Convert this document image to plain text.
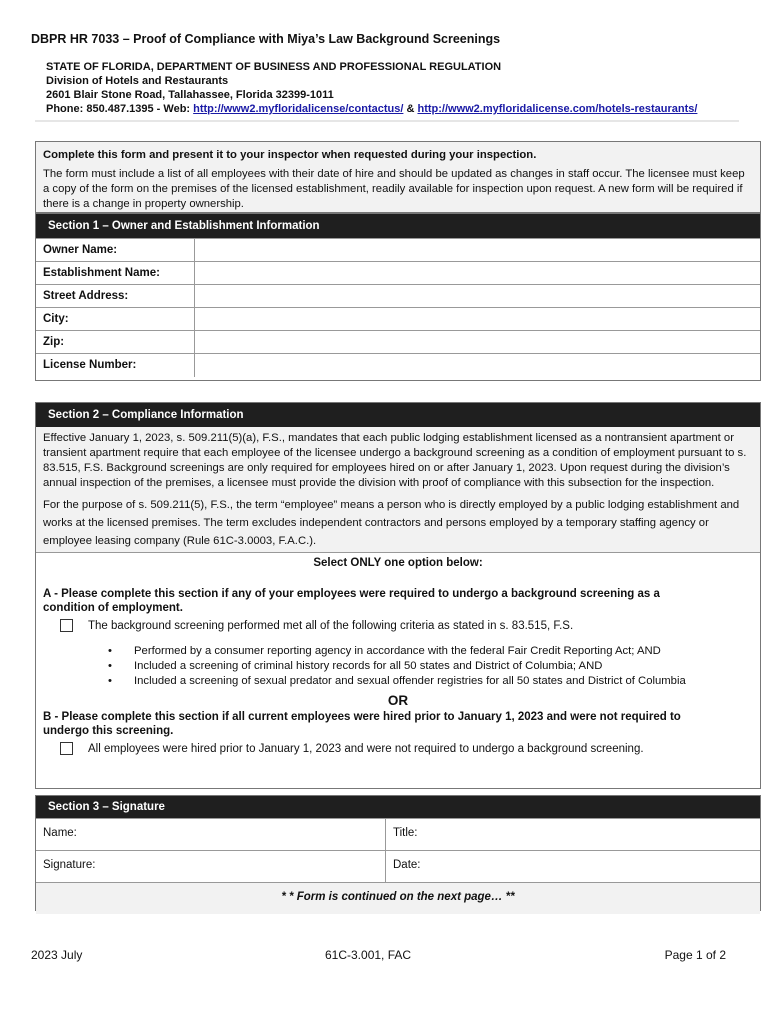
DBPR HR 7033 – Proof of Compliance with Miya’s Law Background Screenings
STATE OF FLORIDA, DEPARTMENT OF BUSINESS AND PROFESSIONAL REGULATION
Division of Hotels and Restaurants
2601 Blair Stone Road, Tallahassee, Florida 32399-1011
Phone: 850.487.1395 - Web: http://www2.myfloridalicense/contactus/ & http://www2.myfloridalicense.com/hotels-restaurants/
Complete this form and present it to your inspector when requested during your inspection.
The form must include a list of all employees with their date of hire and should be updated as changes in staff occur. The licensee must keep a copy of the form on the premises of the licensed establishment, readily available for inspection upon request. A new form will be required if there is a change in property ownership.
Section 1 – Owner and Establishment Information
Owner Name:	
Establishment Name:	
Street Address:	
City:	
Zip:	
License Number:	
Section 2 – Compliance Information

Effective January 1, 2023, s. 509.211(5)(a), F.S., mandates that each public lodging establishment licensed as a nontransient apartment or transient apartment require that each employee of the licensee undergo a background screening as a condition of employment pursuant to s. 83.515, F.S. Background screenings are only required for employees hired on or after January 1, 2023. Upon request during the division’s annual inspection of the premises, a licensee must provide the division with proof of compliance with this subsection for the inspection.

For the purpose of s. 509.211(5), F.S., the term “employee” means a person who is directly employed by a public lodging establishment and works at the licensed premises. The term excludes independent contractors and persons employed by a temporary staffing agency or employee leasing company (Rule 61C-3.0003, F.A.C.).

Select ONLY one option below:
A - Please complete this section if any of your employees were required to undergo a background screening as a condition of employment.
The background screening performed met all of the following criteria as stated in s. 83.515, F.S.
• Performed by a consumer reporting agency in accordance with the federal Fair Credit Reporting Act; AND
• Included a screening of criminal history records for all 50 states and District of Columbia; AND
• Included a screening of sexual predator and sexual offender registries for all 50 states and District of Columbia
OR
B - Please complete this section if all current employees were hired prior to January 1, 2023 and were not required to undergo this screening.
All employees were hired prior to January 1, 2023 and were not required to undergo a background screening.
Section 3 – Signature
Name:	Title:
Signature:	Date:
* * Form is continued on the next page… **
2023 July	61C-3.001, FAC	Page 1 of 2
